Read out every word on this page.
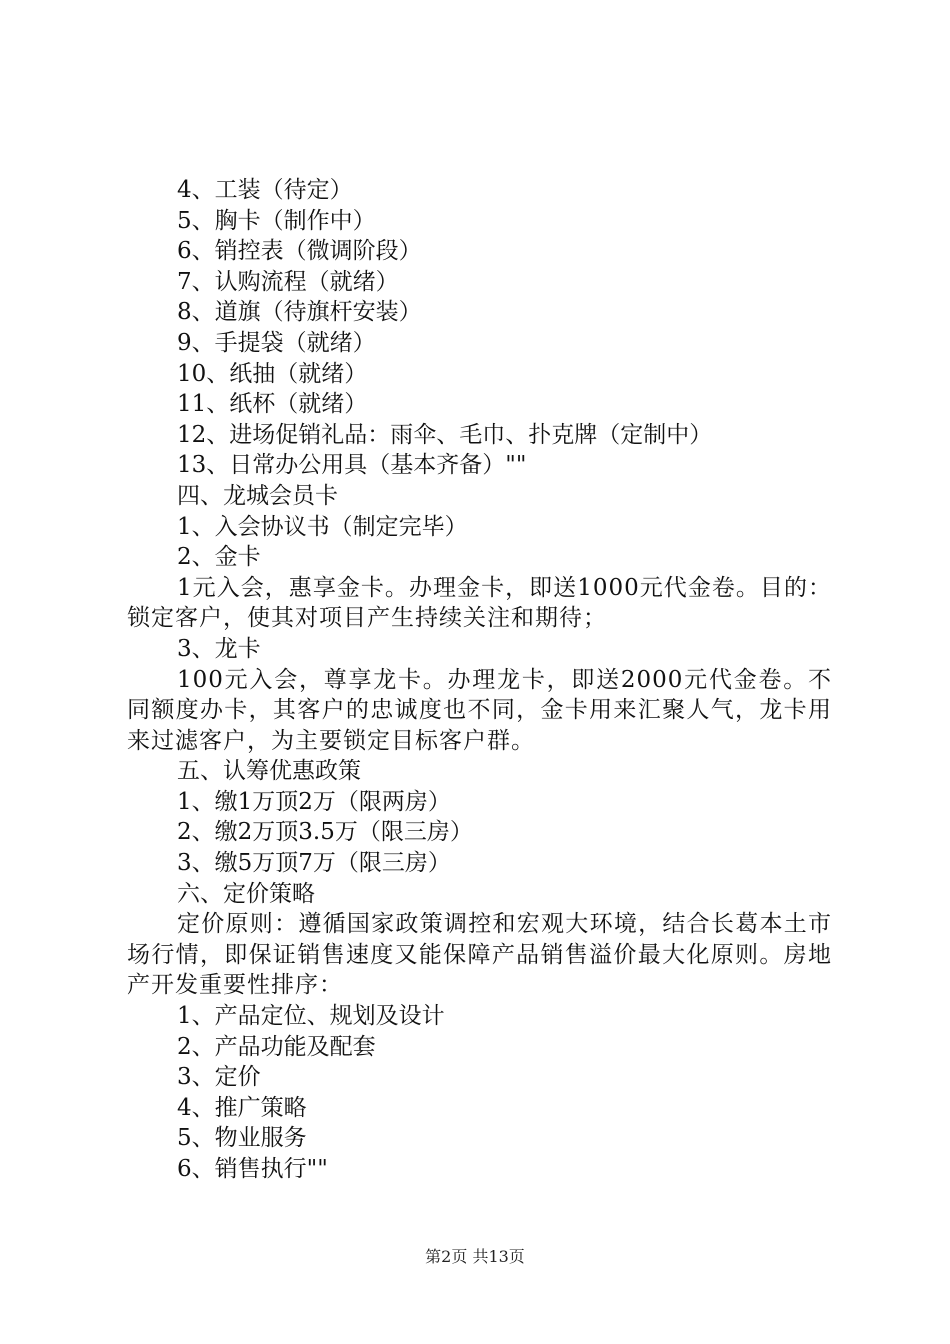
4、工装（待定）

5、胸卡（制作中）

6、销控表（微调阶段）

7、认购流程（就绪）

8、道旗（待旗杆安装）

9、手提袋（就绪）

10、纸抽（就绪）

11、纸杯（就绪）

12、进场促销礼品：雨伞、毛巾、扑克牌（定制中）

13、日常办公用具（基本齐备）""

四、龙城会员卡

1、入会协议书（制定完毕）

2、金卡

1元入会，惠享金卡。办理金卡，即送1000元代金卷。目的：锁定客户，使其对项目产生持续关注和期待；

3、龙卡

100元入会，尊享龙卡。办理龙卡，即送2000元代金卷。不同额度办卡，其客户的忠诚度也不同，金卡用来汇聚人气，龙卡用来过滤客户，为主要锁定目标客户群。

五、认筹优惠政策

1、缴1万顶2万（限两房）

2、缴2万顶3.5万（限三房）

3、缴5万顶7万（限三房）

六、定价策略

定价原则：遵循国家政策调控和宏观大环境，结合长葛本土市场行情，即保证销售速度又能保障产品销售溢价最大化原则。房地产开发重要性排序：

1、产品定位、规划及设计

2、产品功能及配套

3、定价

4、推广策略

5、物业服务

6、销售执行""

第2页 共13页
